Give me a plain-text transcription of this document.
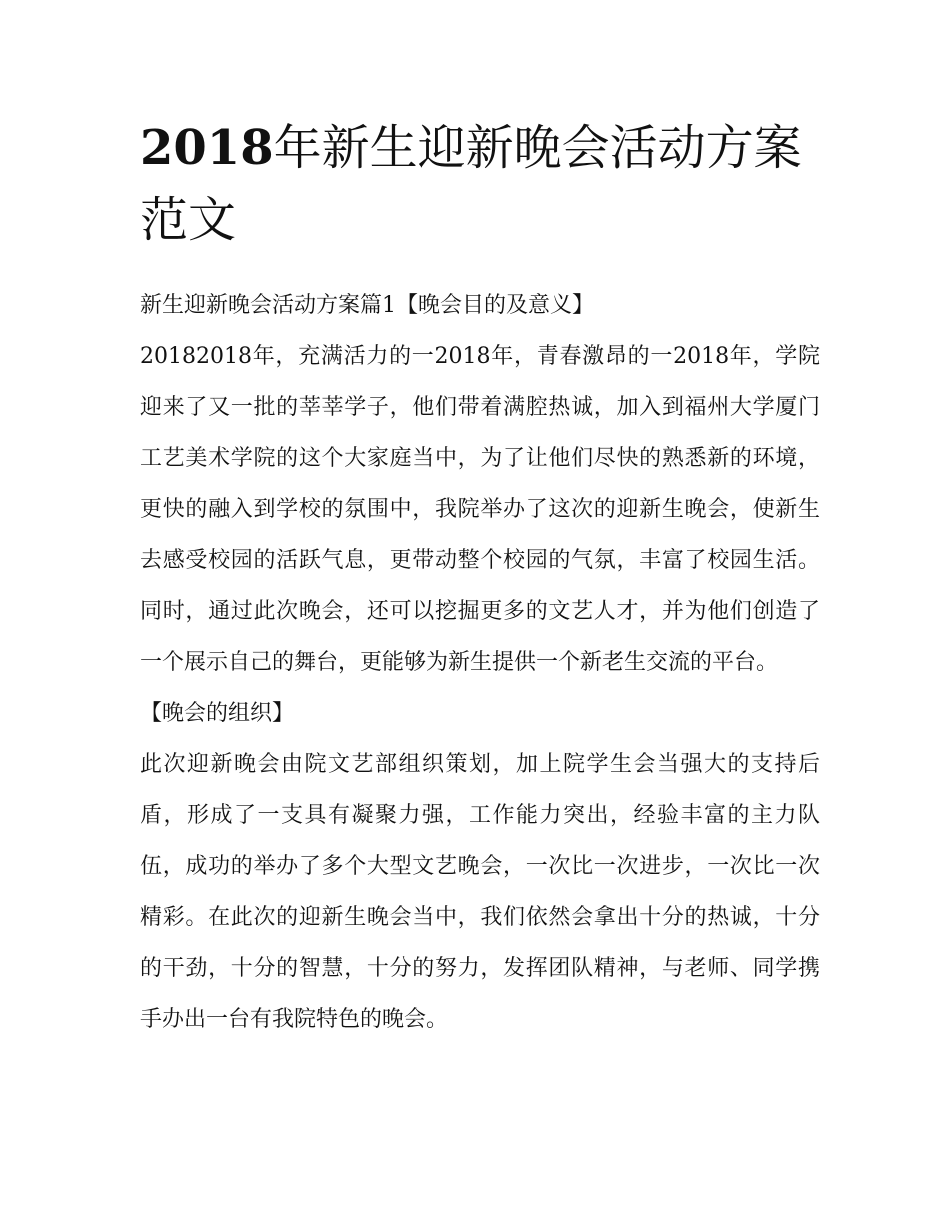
2018年新生迎新晚会活动方案范文

新生迎新晚会活动方案篇1【晚会目的及意义】

20182018年，充满活力的一2018年，青春激昂的一2018年，学院迎来了又一批的莘莘学子，他们带着满腔热诚，加入到福州大学厦门工艺美术学院的这个大家庭当中，为了让他们尽快的熟悉新的环境，更快的融入到学校的氛围中，我院举办了这次的迎新生晚会，使新生去感受校园的活跃气息，更带动整个校园的气氛，丰富了校园生活。同时，通过此次晚会，还可以挖掘更多的文艺人才，并为他们创造了一个展示自己的舞台，更能够为新生提供一个新老生交流的平台。

【晚会的组织】

此次迎新晚会由院文艺部组织策划，加上院学生会当强大的支持后盾，形成了一支具有凝聚力强，工作能力突出，经验丰富的主力队伍，成功的举办了多个大型文艺晚会，一次比一次进步，一次比一次精彩。在此次的迎新生晚会当中，我们依然会拿出十分的热诚，十分的干劲，十分的智慧，十分的努力，发挥团队精神，与老师、同学携手办出一台有我院特色的晚会。
